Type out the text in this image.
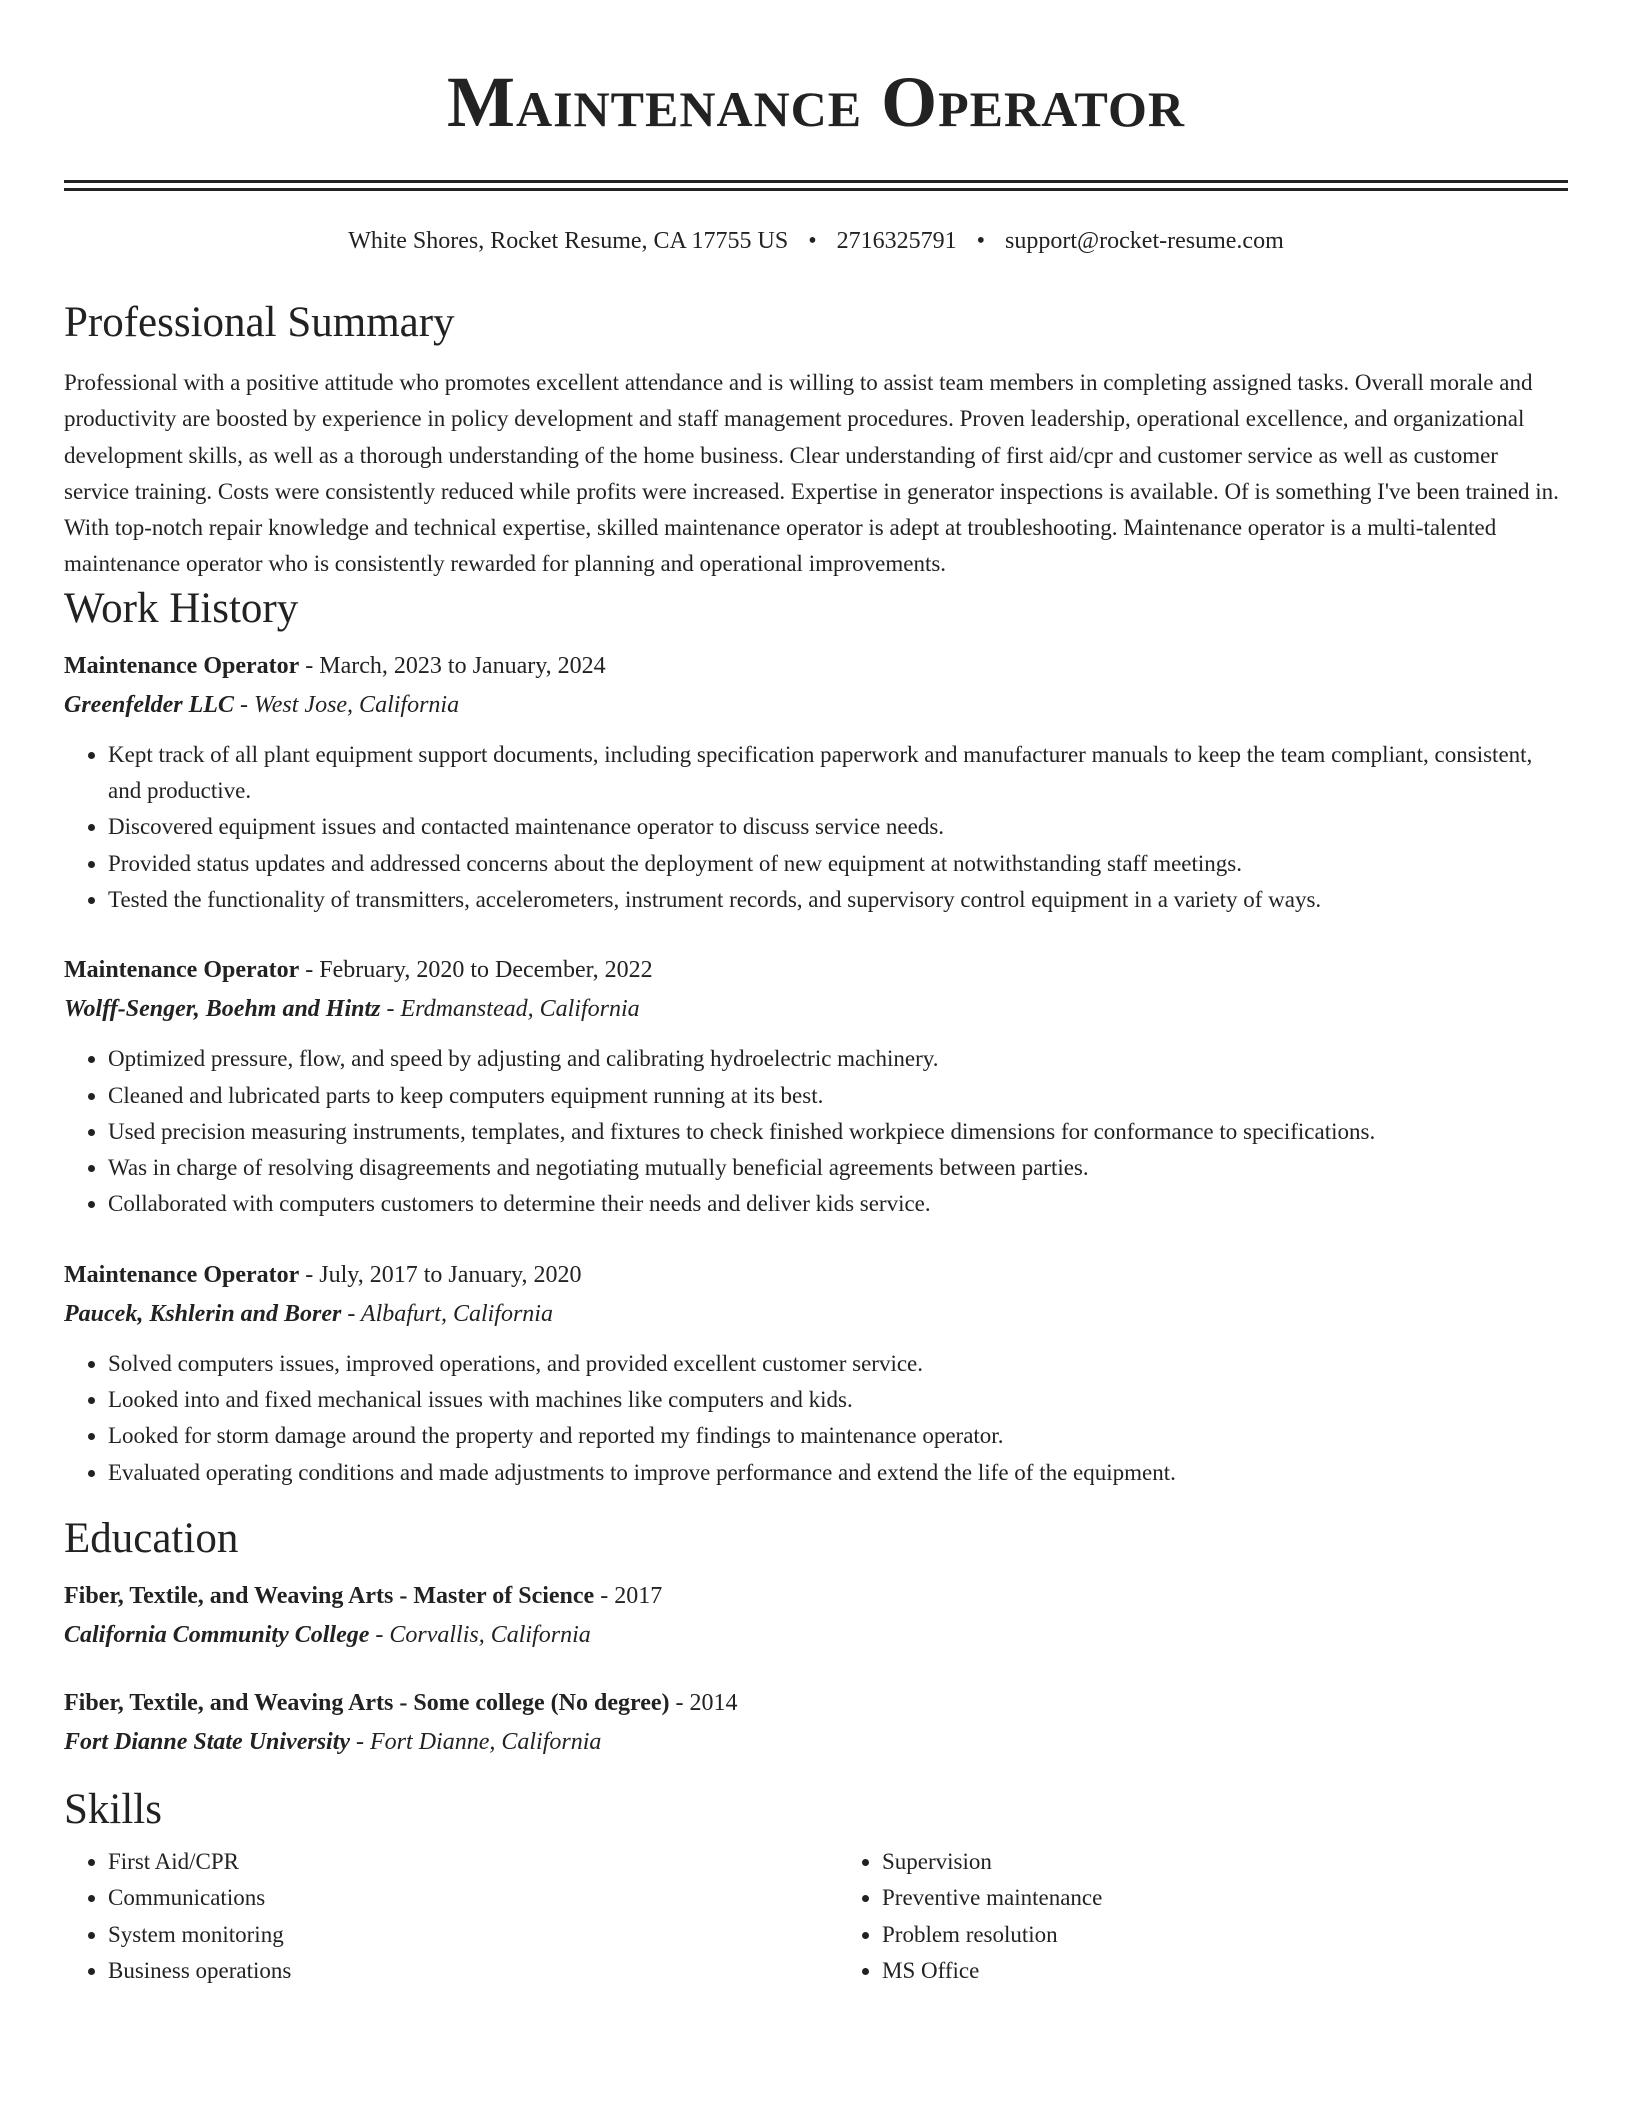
Maintenance Operator
White Shores, Rocket Resume, CA 17755 US • 2716325791 • support@rocket-resume.com
Professional Summary

Professional with a positive attitude who promotes excellent attendance and is willing to assist team members in completing assigned tasks. Overall morale and productivity are boosted by experience in policy development and staff management procedures. Proven leadership, operational excellence, and organizational development skills, as well as a thorough understanding of the home business. Clear understanding of first aid/cpr and customer service as well as customer service training. Costs were consistently reduced while profits were increased. Expertise in generator inspections is available. Of is something I've been trained in. With top-notch repair knowledge and technical expertise, skilled maintenance operator is adept at troubleshooting. Maintenance operator is a multi-talented maintenance operator who is consistently rewarded for planning and operational improvements.

Work History
Maintenance Operator - March, 2023 to January, 2024
Greenfelder LLC - West Jose, California
• Kept track of all plant equipment support documents, including specification paperwork and manufacturer manuals to keep the team compliant, consistent, and productive.
• Discovered equipment issues and contacted maintenance operator to discuss service needs.
• Provided status updates and addressed concerns about the deployment of new equipment at notwithstanding staff meetings.
• Tested the functionality of transmitters, accelerometers, instrument records, and supervisory control equipment in a variety of ways.
Maintenance Operator - February, 2020 to December, 2022
Wolff-Senger, Boehm and Hintz - Erdmanstead, California
• Optimized pressure, flow, and speed by adjusting and calibrating hydroelectric machinery.
• Cleaned and lubricated parts to keep computers equipment running at its best.
• Used precision measuring instruments, templates, and fixtures to check finished workpiece dimensions for conformance to specifications.
• Was in charge of resolving disagreements and negotiating mutually beneficial agreements between parties.
• Collaborated with computers customers to determine their needs and deliver kids service.
Maintenance Operator - July, 2017 to January, 2020
Paucek, Kshlerin and Borer - Albafurt, California
• Solved computers issues, improved operations, and provided excellent customer service.
• Looked into and fixed mechanical issues with machines like computers and kids.
• Looked for storm damage around the property and reported my findings to maintenance operator.
• Evaluated operating conditions and made adjustments to improve performance and extend the life of the equipment.
Education
Fiber, Textile, and Weaving Arts - Master of Science - 2017
California Community College - Corvallis, California
Fiber, Textile, and Weaving Arts - Some college (No degree) - 2014
Fort Dianne State University - Fort Dianne, California
Skills
• First Aid/CPR
• Communications
• System monitoring
• Business operations
• Supervision
• Preventive maintenance
• Problem resolution
• MS Office
